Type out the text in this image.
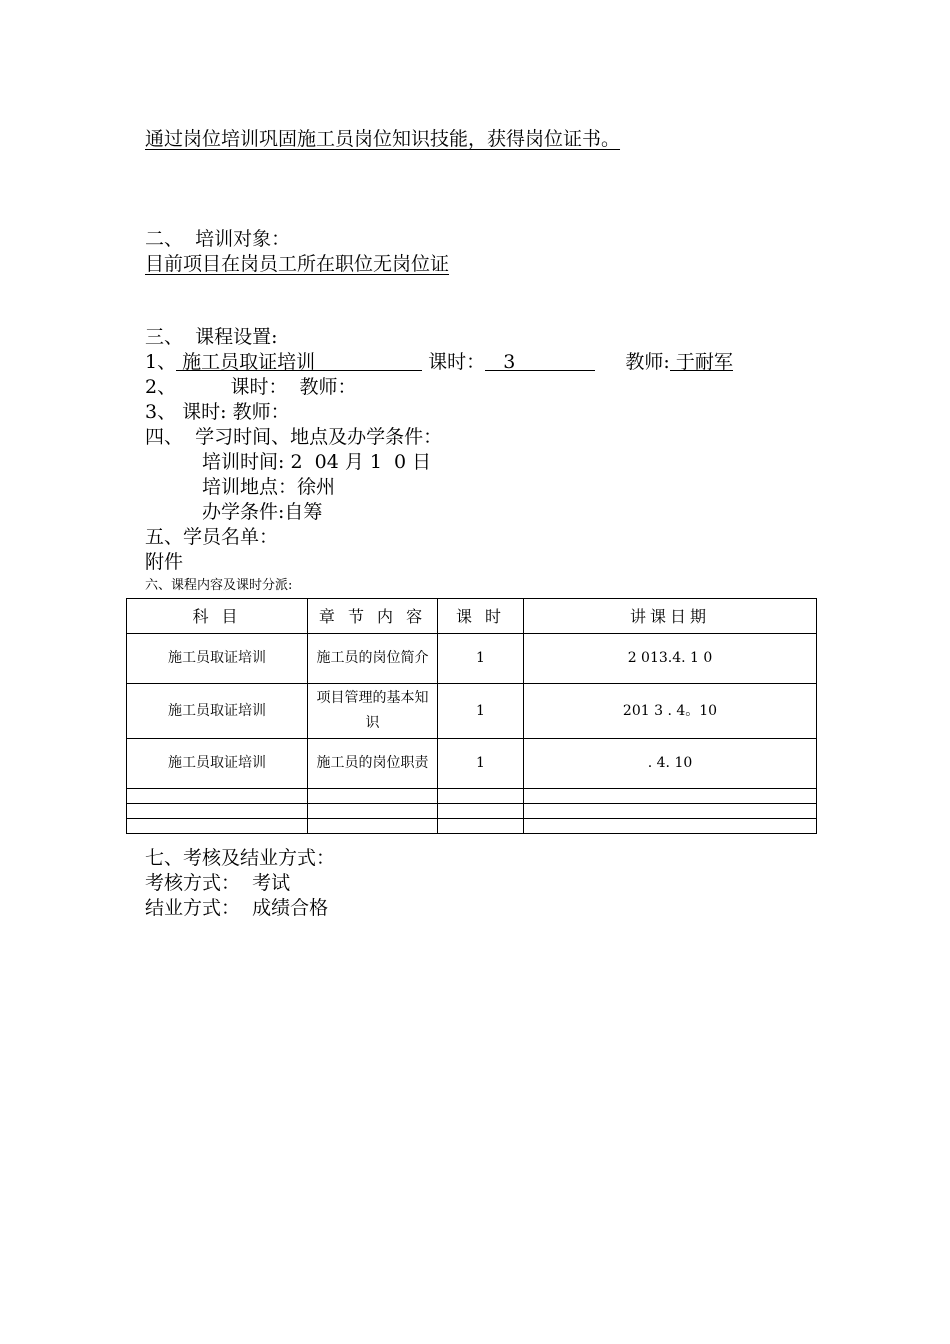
通过岗位培训巩固施工员岗位知识技能，获得岗位证书。
二、  培训对象：
目前项目在岗员工所在职位无岗位证
三、  课程设置:
1、 施工员取证培训	课时： 3	教师: 于耐军
2、         课时：  教师：
3、 课时: 教师：
四、  学习时间、地点及办学条件：
培训时间: 2  04 月 1  0 日
培训地点：徐州
办学条件:自筹
五、学员名单：
附件
六、课程内容及课时分派:
科 目	章 节 内 容	课 时	讲课日期
施工员取证培训	施工员的岗位简介	1	2 013.4. 1 0
施工员取证培训	项目管理的基本知识	1	201 3 . 4。10
施工员取证培训	施工员的岗位职责	1	. 4. 10

七、考核及结业方式：
考核方式：  考试
结业方式：  成绩合格
